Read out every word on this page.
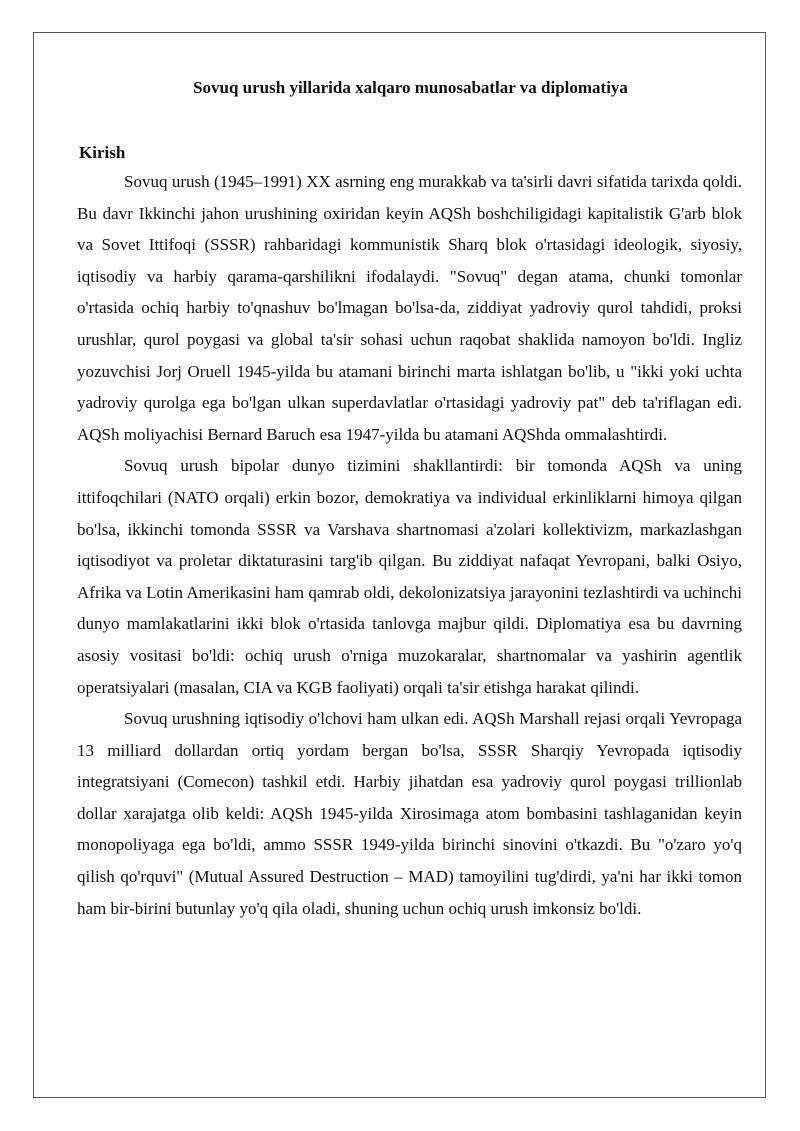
Sovuq urush yillarida xalqaro munosabatlar va diplomatiya
Kirish

Sovuq urush (1945–1991) XX asrning eng murakkab va ta'sirli davri sifatida tarixda qoldi. Bu davr Ikkinchi jahon urushining oxiridan keyin AQSh boshchiligidagi kapitalistik G'arb blok va Sovet Ittifoqi (SSSR) rahbaridagi kommunistik Sharq blok o'rtasidagi ideologik, siyosiy, iqtisodiy va harbiy qarama-qarshilikni ifodalaydi. "Sovuq" degan atama, chunki tomonlar o'rtasida ochiq harbiy to'qnashuv bo'lmagan bo'lsa-da, ziddiyat yadroviy qurol tahdidi, proksi urushlar, qurol poygasi va global ta'sir sohasi uchun raqobat shaklida namoyon bo'ldi. Ingliz yozuvchisi Jorj Oruell 1945-yilda bu atamani birinchi marta ishlatgan bo'lib, u "ikki yoki uchta yadroviy qurolga ega bo'lgan ulkan superdavlatlar o'rtasidagi yadroviy pat" deb ta'riflagan edi. AQSh moliyachisi Bernard Baruch esa 1947-yilda bu atamani AQShda ommalashtirdi.

Sovuq urush bipolar dunyo tizimini shakllantirdi: bir tomonda AQSh va uning ittifoqchilari (NATO orqali) erkin bozor, demokratiya va individual erkinliklarni himoya qilgan bo'lsa, ikkinchi tomonda SSSR va Varshava shartnomasi a'zolari kollektivizm, markazlashgan iqtisodiyot va proletar diktaturasini targ'ib qilgan. Bu ziddiyat nafaqat Yevropani, balki Osiyo, Afrika va Lotin Amerikasini ham qamrab oldi, dekolonizatsiya jarayonini tezlashtirdi va uchinchi dunyo mamlakatlarini ikki blok o'rtasida tanlovga majbur qildi. Diplomatiya esa bu davrning asosiy vositasi bo'ldi: ochiq urush o'rniga muzokaralar, shartnomalar va yashirin agentlik operatsiyalari (masalan, CIA va KGB faoliyati) orqali ta'sir etishga harakat qilindi.

Sovuq urushning iqtisodiy o'lchovi ham ulkan edi. AQSh Marshall rejasi orqali Yevropaga 13 milliard dollardan ortiq yordam bergan bo'lsa, SSSR Sharqiy Yevropada iqtisodiy integratsiyani (Comecon) tashkil etdi. Harbiy jihatdan esa yadroviy qurol poygasi trillionlab dollar xarajatga olib keldi: AQSh 1945-yilda Xirosimaga atom bombasini tashlaganidan keyin monopoliyaga ega bo'ldi, ammo SSSR 1949-yilda birinchi sinovini o'tkazdi. Bu "o'zaro yo'q qilish qo'rquvi" (Mutual Assured Destruction – MAD) tamoyilini tug'dirdi, ya'ni har ikki tomon ham bir-birini butunlay yo'q qila oladi, shuning uchun ochiq urush imkonsiz bo'ldi.
